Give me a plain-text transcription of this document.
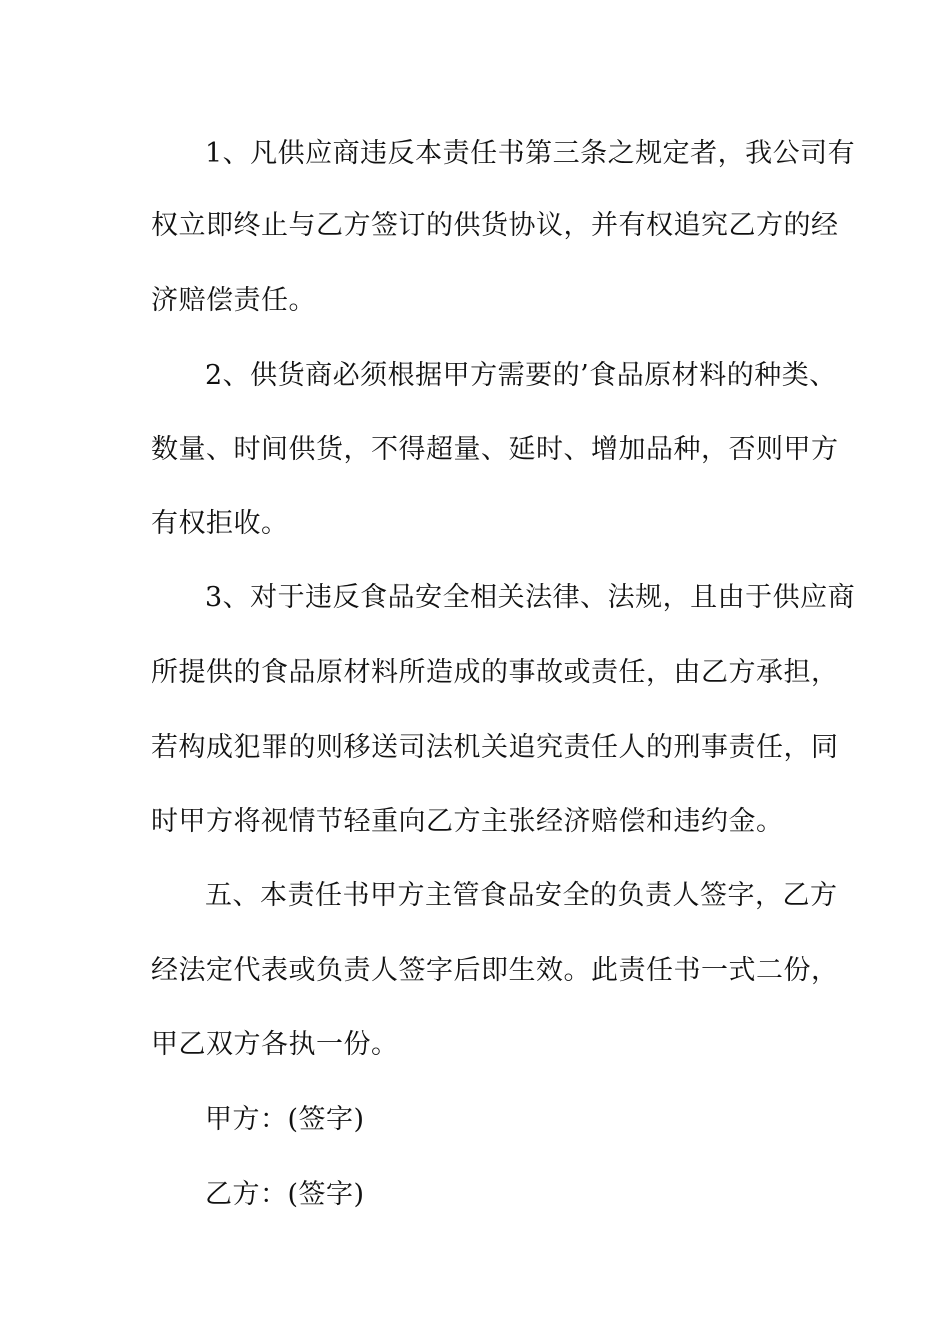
1、凡供应商违反本责任书第三条之规定者，我公司有
权立即终止与乙方签订的供货协议，并有权追究乙方的经
济赔偿责任。
2、供货商必须根据甲方需要的’食品原材料的种类、
数量、时间供货，不得超量、延时、增加品种，否则甲方
有权拒收。
3、对于违反食品安全相关法律、法规，且由于供应商
所提供的食品原材料所造成的事故或责任，由乙方承担，
若构成犯罪的则移送司法机关追究责任人的刑事责任，同
时甲方将视情节轻重向乙方主张经济赔偿和违约金。
五、本责任书甲方主管食品安全的负责人签字，乙方
经法定代表或负责人签字后即生效。此责任书一式二份，
甲乙双方各执一份。
甲方：(签字)
乙方：(签字)
